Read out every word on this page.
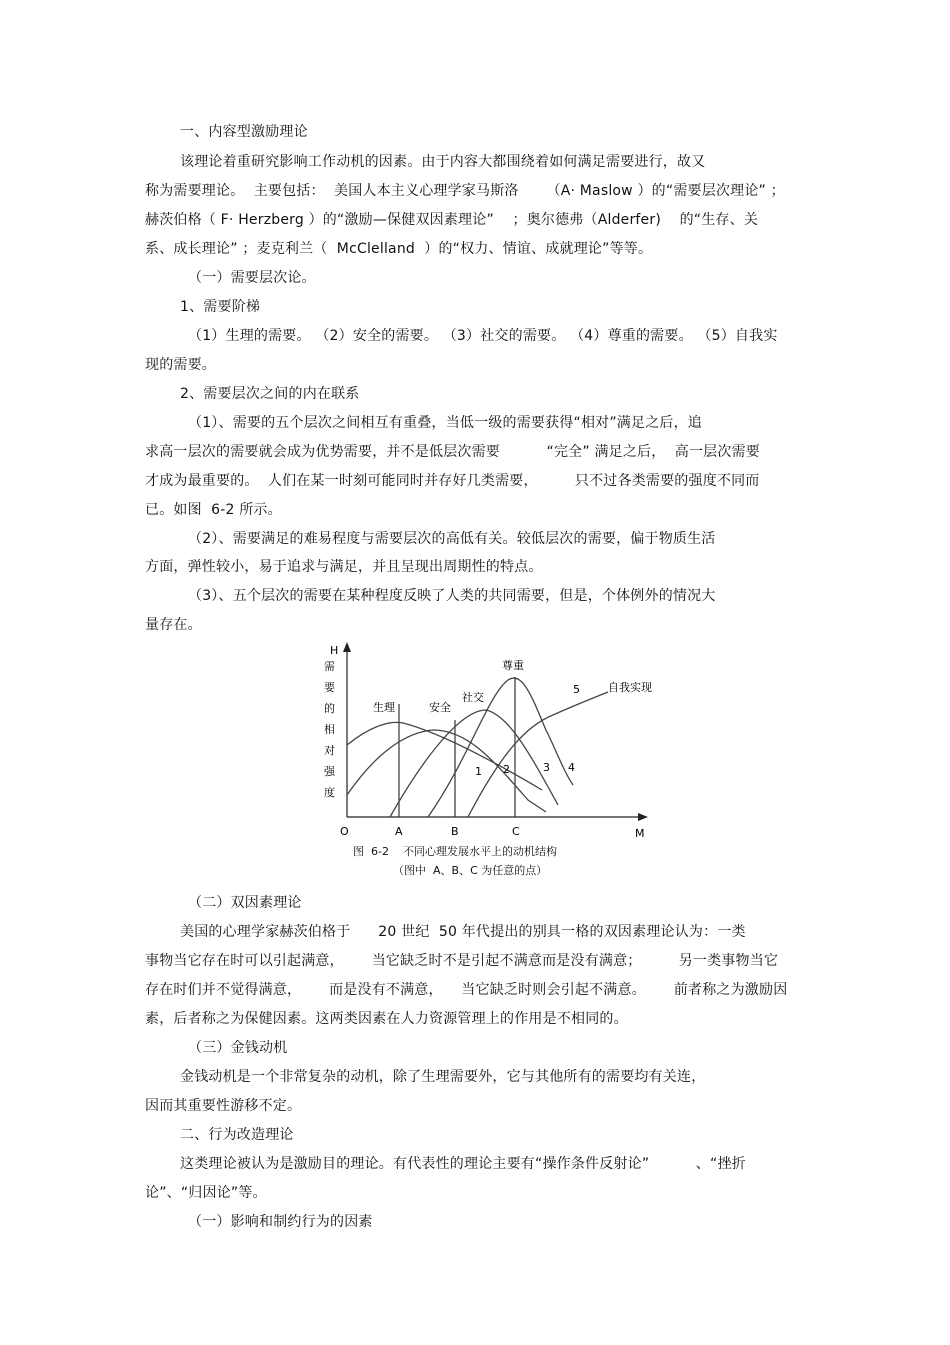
一、内容型激励理论
该理论着重研究影响工作动机的因素。由于内容大都围绕着如何满足需要进行，故又
称为需要理论。  主要包括：  美国人本主义心理学家马斯洛      （A· Maslow ）的“需要层次理论” ；
赫茨伯格（ F· Herzberg ）的“激励—保健双因素理论”    ；奥尔德弗（Alderfer)    的“生存、关
系、成长理论” ；麦克利兰（  McClelland  ）的“权力、情谊、成就理论”等等。
（一）需要层次论。
1、需要阶梯
（1）生理的需要。 （2）安全的需要。 （3）社交的需要。 （4）尊重的需要。 （5）自我实
现的需要。
2、需要层次之间的内在联系
（1）、需要的五个层次之间相互有重叠，当低一级的需要获得“相对”满足之后，追
求高一层次的需要就会成为优势需要，并不是低层次需要          “完全” 满足之后，  高一层次需要
才成为最重要的。  人们在某一时刻可能同时并存好几类需要，        只不过各类需要的强度不同而
已。如图  6-2 所示。
（2）、需要满足的难易程度与需要层次的高低有关。较低层次的需要，偏于物质生活
方面，弹性较小，易于追求与满足，并且呈现出周期性的特点。
（3）、五个层次的需要在某种程度反映了人类的共同需要，但是，个体例外的情况大
量存在。
（二）双因素理论
美国的心理学家赫茨伯格于      20 世纪  50 年代提出的别具一格的双因素理论认为：一类
事物当它存在时可以引起满意，      当它缺乏时不是引起不满意而是没有满意；        另一类事物当它
存在时们并不觉得满意，      而是没有不满意，    当它缺乏时则会引起不满意。      前者称之为激励因
素，后者称之为保健因素。这两类因素在人力资源管理上的作用是不相同的。
（三）金钱动机
金钱动机是一个非常复杂的动机，除了生理需要外，它与其他所有的需要均有关连，
因而其重要性游移不定。
二、行为改造理论
这类理论被认为是激励目的理论。有代表性的理论主要有“操作条件反射论”          、“挫折
论”、“归因论”等。
（一）影响和制约行为的因素
H
需要的相对强度
O	M
A	B	C
生理	安全
社交
尊重
自我实现
1 2	3 4
5
图  6-2    不同心理发展水平上的动机结构
（图中  A、B、C 为任意的点）
